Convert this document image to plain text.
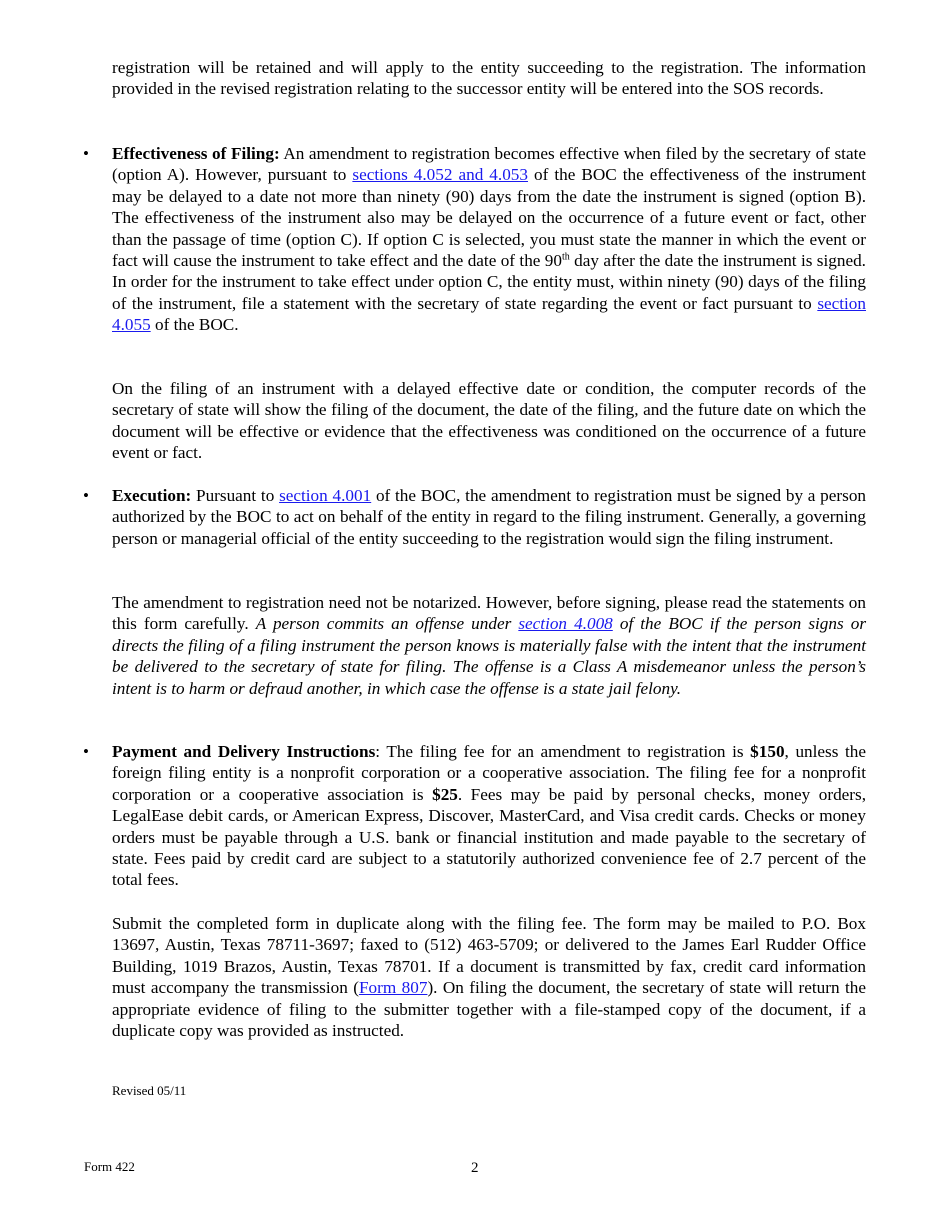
registration will be retained and will apply to the entity succeeding to the registration. The information provided in the revised registration relating to the successor entity will be entered into the SOS records.

• Effectiveness of Filing: An amendment to registration becomes effective when filed by the secretary of state (option A). However, pursuant to sections 4.052 and 4.053 of the BOC the effectiveness of the instrument may be delayed to a date not more than ninety (90) days from the date the instrument is signed (option B). The effectiveness of the instrument also may be delayed on the occurrence of a future event or fact, other than the passage of time (option C). If option C is selected, you must state the manner in which the event or fact will cause the instrument to take effect and the date of the 90th day after the date the instrument is signed. In order for the instrument to take effect under option C, the entity must, within ninety (90) days of the filing of the instrument, file a statement with the secretary of state regarding the event or fact pursuant to section 4.055 of the BOC.

On the filing of an instrument with a delayed effective date or condition, the computer records of the secretary of state will show the filing of the document, the date of the filing, and the future date on which the document will be effective or evidence that the effectiveness was conditioned on the occurrence of a future event or fact.

• Execution: Pursuant to section 4.001 of the BOC, the amendment to registration must be signed by a person authorized by the BOC to act on behalf of the entity in regard to the filing instrument. Generally, a governing person or managerial official of the entity succeeding to the registration would sign the filing instrument.

The amendment to registration need not be notarized. However, before signing, please read the statements on this form carefully. A person commits an offense under section 4.008 of the BOC if the person signs or directs the filing of a filing instrument the person knows is materially false with the intent that the instrument be delivered to the secretary of state for filing. The offense is a Class A misdemeanor unless the person’s intent is to harm or defraud another, in which case the offense is a state jail felony.

• Payment and Delivery Instructions: The filing fee for an amendment to registration is $150, unless the foreign filing entity is a nonprofit corporation or a cooperative association. The filing fee for a nonprofit corporation or a cooperative association is $25. Fees may be paid by personal checks, money orders, LegalEase debit cards, or American Express, Discover, MasterCard, and Visa credit cards. Checks or money orders must be payable through a U.S. bank or financial institution and made payable to the secretary of state. Fees paid by credit card are subject to a statutorily authorized convenience fee of 2.7 percent of the total fees.

Submit the completed form in duplicate along with the filing fee. The form may be mailed to P.O. Box 13697, Austin, Texas 78711-3697; faxed to (512) 463-5709; or delivered to the James Earl Rudder Office Building, 1019 Brazos, Austin, Texas 78701. If a document is transmitted by fax, credit card information must accompany the transmission (Form 807). On filing the document, the secretary of state will return the appropriate evidence of filing to the submitter together with a file-stamped copy of the document, if a duplicate copy was provided as instructed.

Revised 05/11
Form 422	2
